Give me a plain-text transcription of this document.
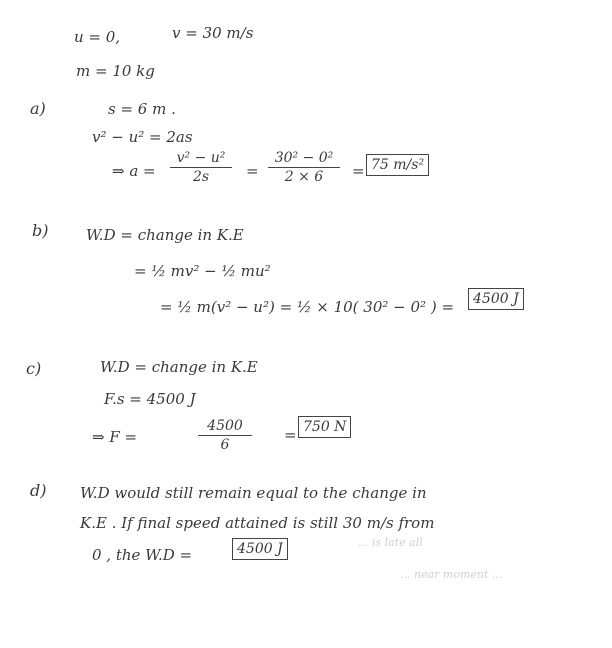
u = 0,	v = 30 m/s
m = 10 kg
a)	s = 6 m .
v² − u² = 2as
⇒ a =
v² − u²
2s	=
30² − 0²
2 × 6	= 75 m/s²
b)	W.D = change in K.E
= ½ mv² − ½ mu²
= ½ m(v² − u²) = ½ × 10( 30² − 0² ) =	4500 J
c)	W.D = change in K.E
F.s = 4500 J
⇒ F =
4500
6
= 750 N
d) W.D would still remain equal to the change in
K.E . If final speed attained is still 30 m/s from
0 , the W.D =	4500 J	... is late all
... near moment ...
